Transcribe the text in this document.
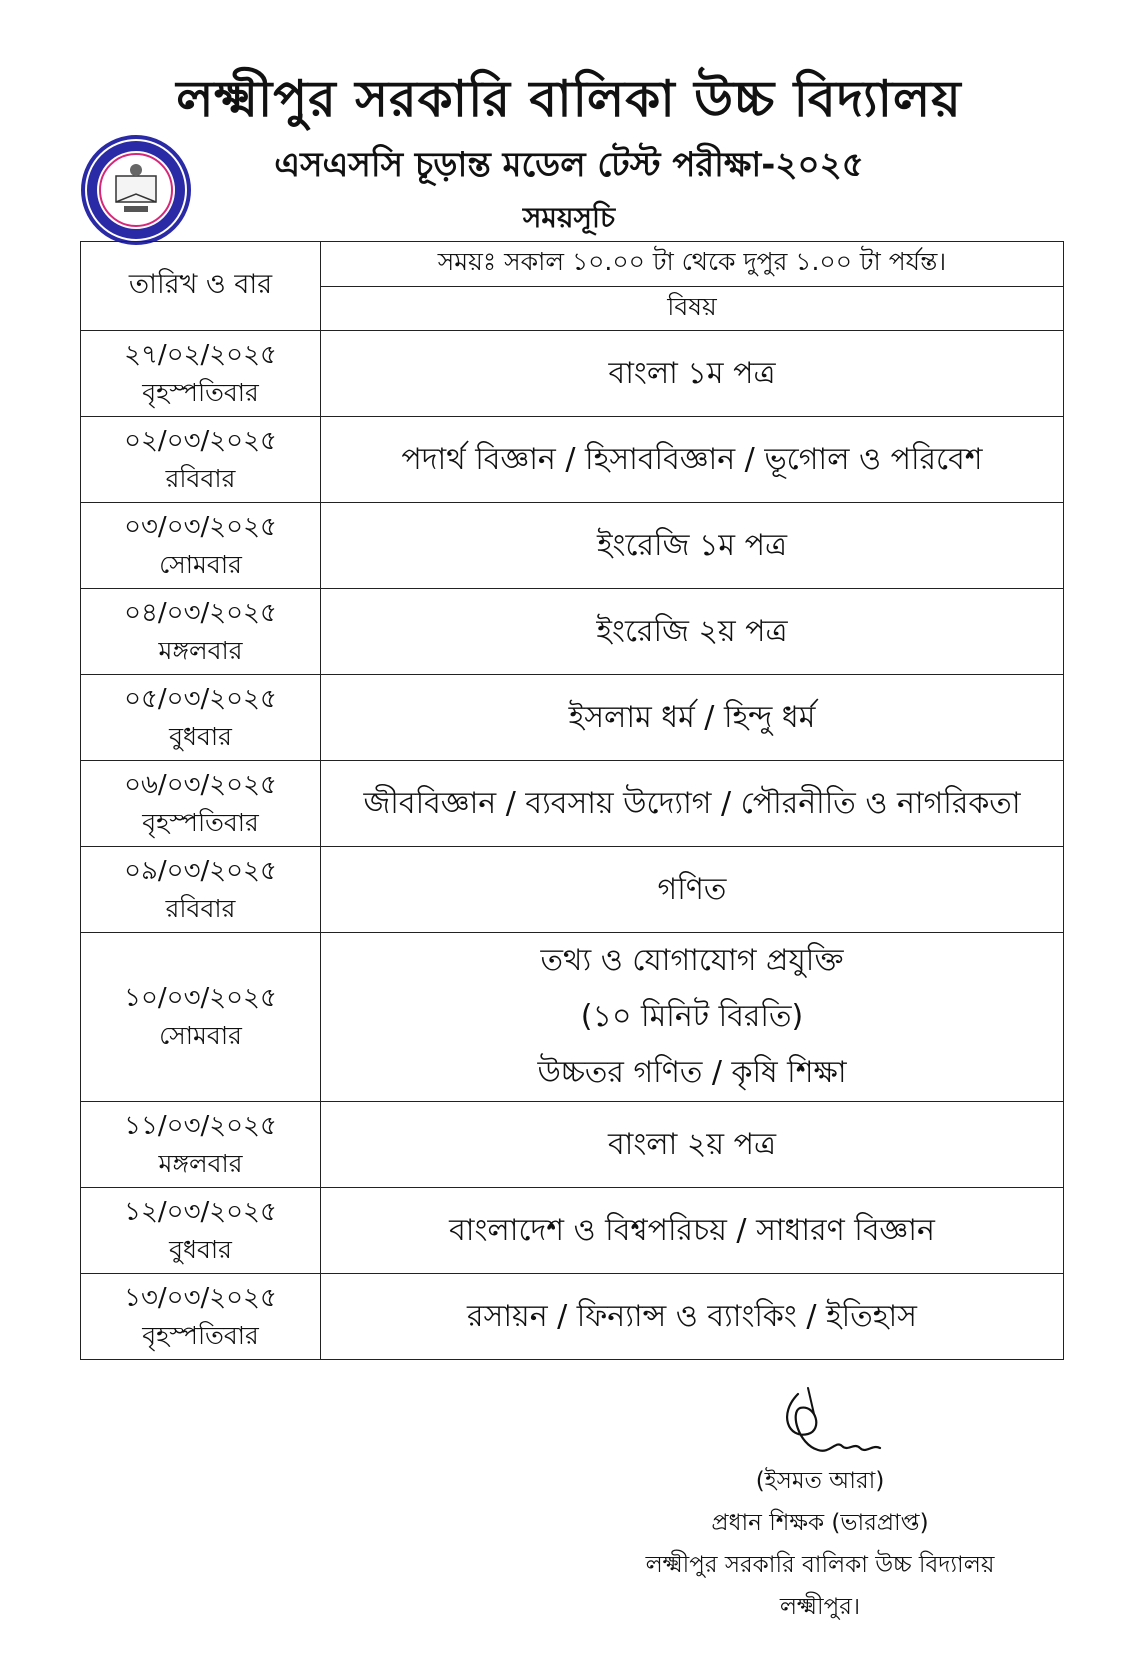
লক্ষ্মীপুর সরকারি বালিকা উচ্চ বিদ্যালয়
এসএসসি চূড়ান্ত মডেল টেস্ট পরীক্ষা-২০২৫
সময়সূচি
তারিখ ও বার	সময়ঃ সকাল ১০.০০ টা থেকে দুপুর ১.০০ টা পর্যন্ত।
	বিষয়

২৭/০২/২০২৫
বৃহস্পতিবার	বাংলা ১ম পত্র

০২/০৩/২০২৫
রবিবার	পদার্থ বিজ্ঞান / হিসাববিজ্ঞান / ভূগোল ও পরিবেশ

০৩/০৩/২০২৫
সোমবার	ইংরেজি ১ম পত্র

০৪/০৩/২০২৫
মঙ্গলবার	ইংরেজি ২য় পত্র

০৫/০৩/২০২৫
বুধবার	ইসলাম ধর্ম / হিন্দু ধর্ম

০৬/০৩/২০২৫
বৃহস্পতিবার	জীববিজ্ঞান / ব্যবসায় উদ্যোগ / পৌরনীতি ও নাগরিকতা

০৯/০৩/২০২৫
রবিবার	গণিত

১০/০৩/২০২৫
সোমবার	তথ্য ও যোগাযোগ প্রযুক্তি
(১০ মিনিট বিরতি)
উচ্চতর গণিত / কৃষি শিক্ষা

১১/০৩/২০২৫
মঙ্গলবার	বাংলা ২য় পত্র

১২/০৩/২০২৫
বুধবার	বাংলাদেশ ও বিশ্বপরিচয় / সাধারণ বিজ্ঞান

১৩/০৩/২০২৫
বৃহস্পতিবার	রসায়ন / ফিন্যান্স ও ব্যাংকিং / ইতিহাস
(ইসমত আরা)
প্রধান শিক্ষক (ভারপ্রাপ্ত)
লক্ষ্মীপুর সরকারি বালিকা উচ্চ বিদ্যালয়
লক্ষ্মীপুর।
